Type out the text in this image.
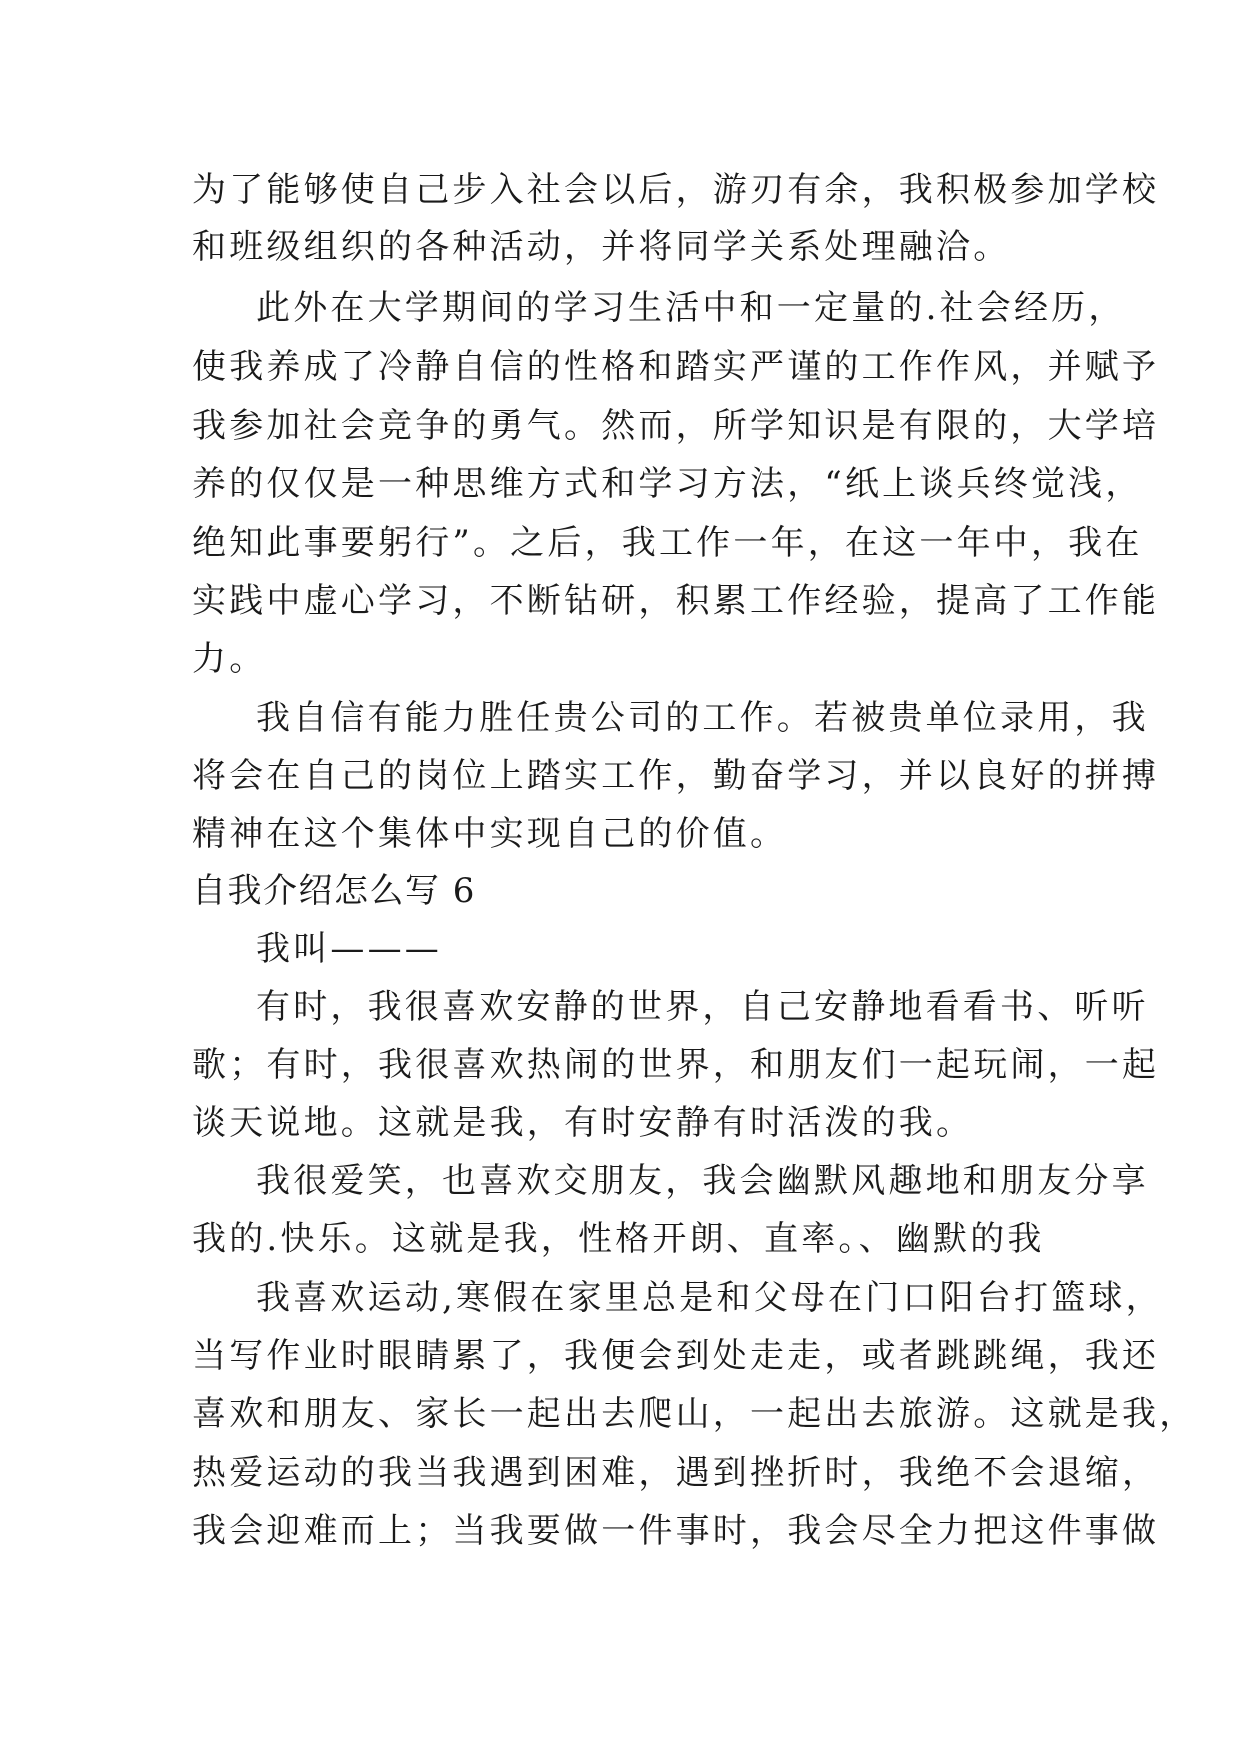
为了能够使自己步入社会以后，游刃有余，我积极参加学校
和班级组织的各种活动，并将同学关系处理融洽。
此外在大学期间的学习生活中和一定量的.社会经历，
使我养成了冷静自信的性格和踏实严谨的工作作风，并赋予
我参加社会竞争的勇气。然而，所学知识是有限的，大学培
养的仅仅是一种思维方式和学习方法，“纸上谈兵终觉浅，
绝知此事要躬行”。之后，我工作一年，在这一年中，我在
实践中虚心学习，不断钻研，积累工作经验，提高了工作能
力。
我自信有能力胜任贵公司的工作。若被贵单位录用，我
将会在自己的岗位上踏实工作，勤奋学习，并以良好的拼搏
精神在这个集体中实现自己的价值。
自我介绍怎么写 6
我叫———
有时，我很喜欢安静的世界，自己安静地看看书、听听
歌；有时，我很喜欢热闹的世界，和朋友们一起玩闹，一起
谈天说地。这就是我，有时安静有时活泼的我。
我很爱笑，也喜欢交朋友，我会幽默风趣地和朋友分享
我的.快乐。这就是我，性格开朗、直率。、幽默的我
我喜欢运动,寒假在家里总是和父母在门口阳台打篮球，
当写作业时眼睛累了，我便会到处走走，或者跳跳绳，我还
喜欢和朋友、家长一起出去爬山，一起出去旅游。这就是我，
热爱运动的我当我遇到困难，遇到挫折时，我绝不会退缩，
我会迎难而上；当我要做一件事时，我会尽全力把这件事做
